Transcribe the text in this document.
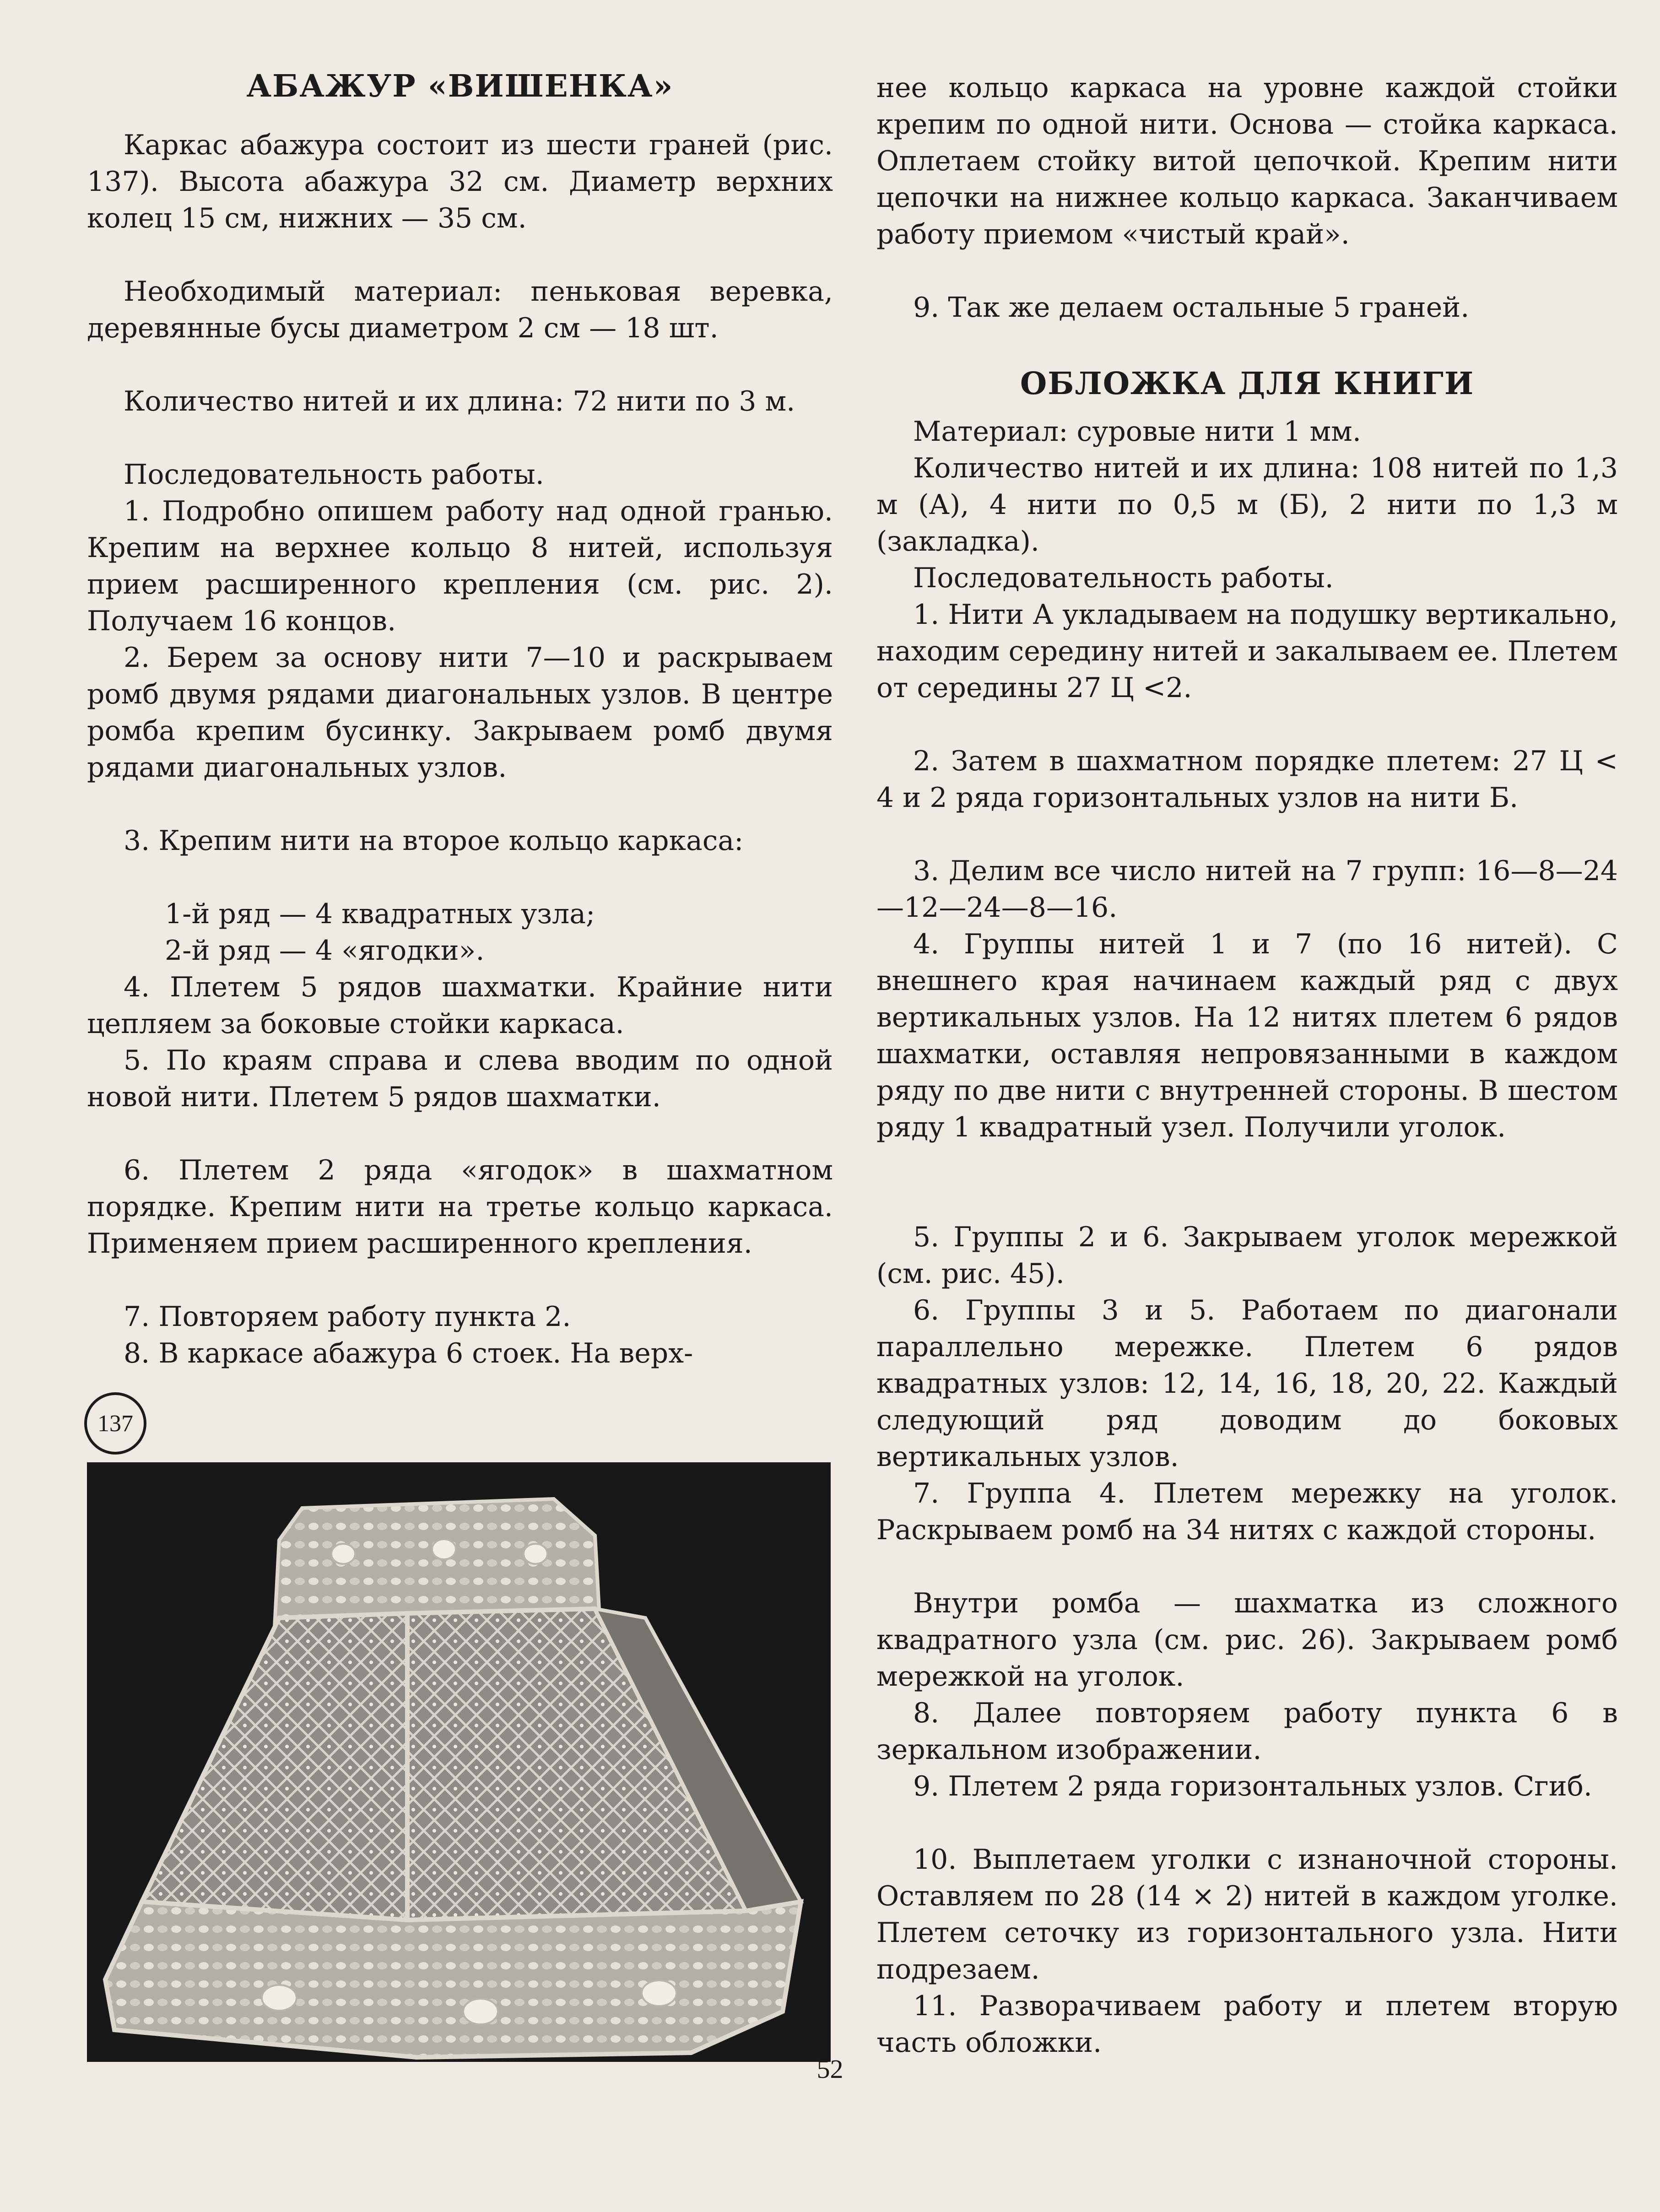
АБАЖУР «ВИШЕНКА»

Каркас абажура состоит из шести граней (рис. 137). Высота абажура 32 см. Диаметр верхних колец 15 см, нижних — 35 см.

Необходимый материал: пеньковая веревка, деревянные бусы диаметром 2 см — 18 шт.

Количество нитей и их длина: 72 нити по 3 м.

Последовательность работы.

1. Подробно опишем работу над одной гранью. Крепим на верхнее кольцо 8 нитей, используя прием расширенного крепления (см. рис. 2). Получаем 16 концов.

2. Берем за основу нити 7—10 и раскрываем ромб двумя рядами диагональных узлов. В центре ромба крепим бусинку. Закрываем ромб двумя рядами диагональных узлов.

3. Крепим нити на второе кольцо каркаса:

1-й ряд — 4 квадратных узла;

2-й ряд — 4 «ягодки».

4. Плетем 5 рядов шахматки. Крайние нити цепляем за боковые стойки каркаса.

5. По краям справа и слева вводим по одной новой нити. Плетем 5 рядов шахматки.

6. Плетем 2 ряда «ягодок» в шахматном порядке. Крепим нити на третье кольцо каркаса. Применяем прием расширенного крепления.

7. Повторяем работу пункта 2.

8. В каркасе абажура 6 стоек. На верх-

137

нее кольцо каркаса на уровне каждой стойки крепим по одной нити. Основа — стойка каркаса. Оплетаем стойку витой цепочкой. Крепим нити цепочки на нижнее кольцо каркаса. Заканчиваем работу приемом «чистый край».

9. Так же делаем остальные 5 граней.

ОБЛОЖКА ДЛЯ КНИГИ

Материал: суровые нити 1 мм.

Количество нитей и их длина: 108 нитей по 1,3 м (А), 4 нити по 0,5 м (Б), 2 нити по 1,3 м (закладка).

Последовательность работы.

1. Нити А укладываем на подушку вертикально, находим середину нитей и закалываем ее. Плетем от середины 27 Ц <2.

2. Затем в шахматном порядке плетем: 27 Ц < 4 и 2 ряда горизонтальных узлов на нити Б.

3. Делим все число нитей на 7 групп: 16—8—24—12—24—8—16.

4. Группы нитей 1 и 7 (по 16 нитей). С внешнего края начинаем каждый ряд с двух вертикальных узлов. На 12 нитях плетем 6 рядов шахматки, оставляя непровязанными в каждом ряду по две нити с внутренней стороны. В шестом ряду 1 квадратный узел. Получили уголок.

5. Группы 2 и 6. Закрываем уголок мережкой (см. рис. 45).

6. Группы 3 и 5. Работаем по диагонали параллельно мережке. Плетем 6 рядов квадратных узлов: 12, 14, 16, 18, 20, 22. Каждый следующий ряд доводим до боковых вертикальных узлов.

7. Группа 4. Плетем мережку на уголок. Раскрываем ромб на 34 нитях с каждой стороны.

Внутри ромба — шахматка из сложного квадратного узла (см. рис. 26). Закрываем ромб мережкой на уголок.

8. Далее повторяем работу пункта 6 в зеркальном изображении.

9. Плетем 2 ряда горизонтальных узлов. Сгиб.

10. Выплетаем уголки с изнаночной стороны. Оставляем по 28 (14 × 2) нитей в каждом уголке. Плетем сеточку из горизонтального узла. Нити подрезаем.

11. Разворачиваем работу и плетем вторую часть обложки.

52
